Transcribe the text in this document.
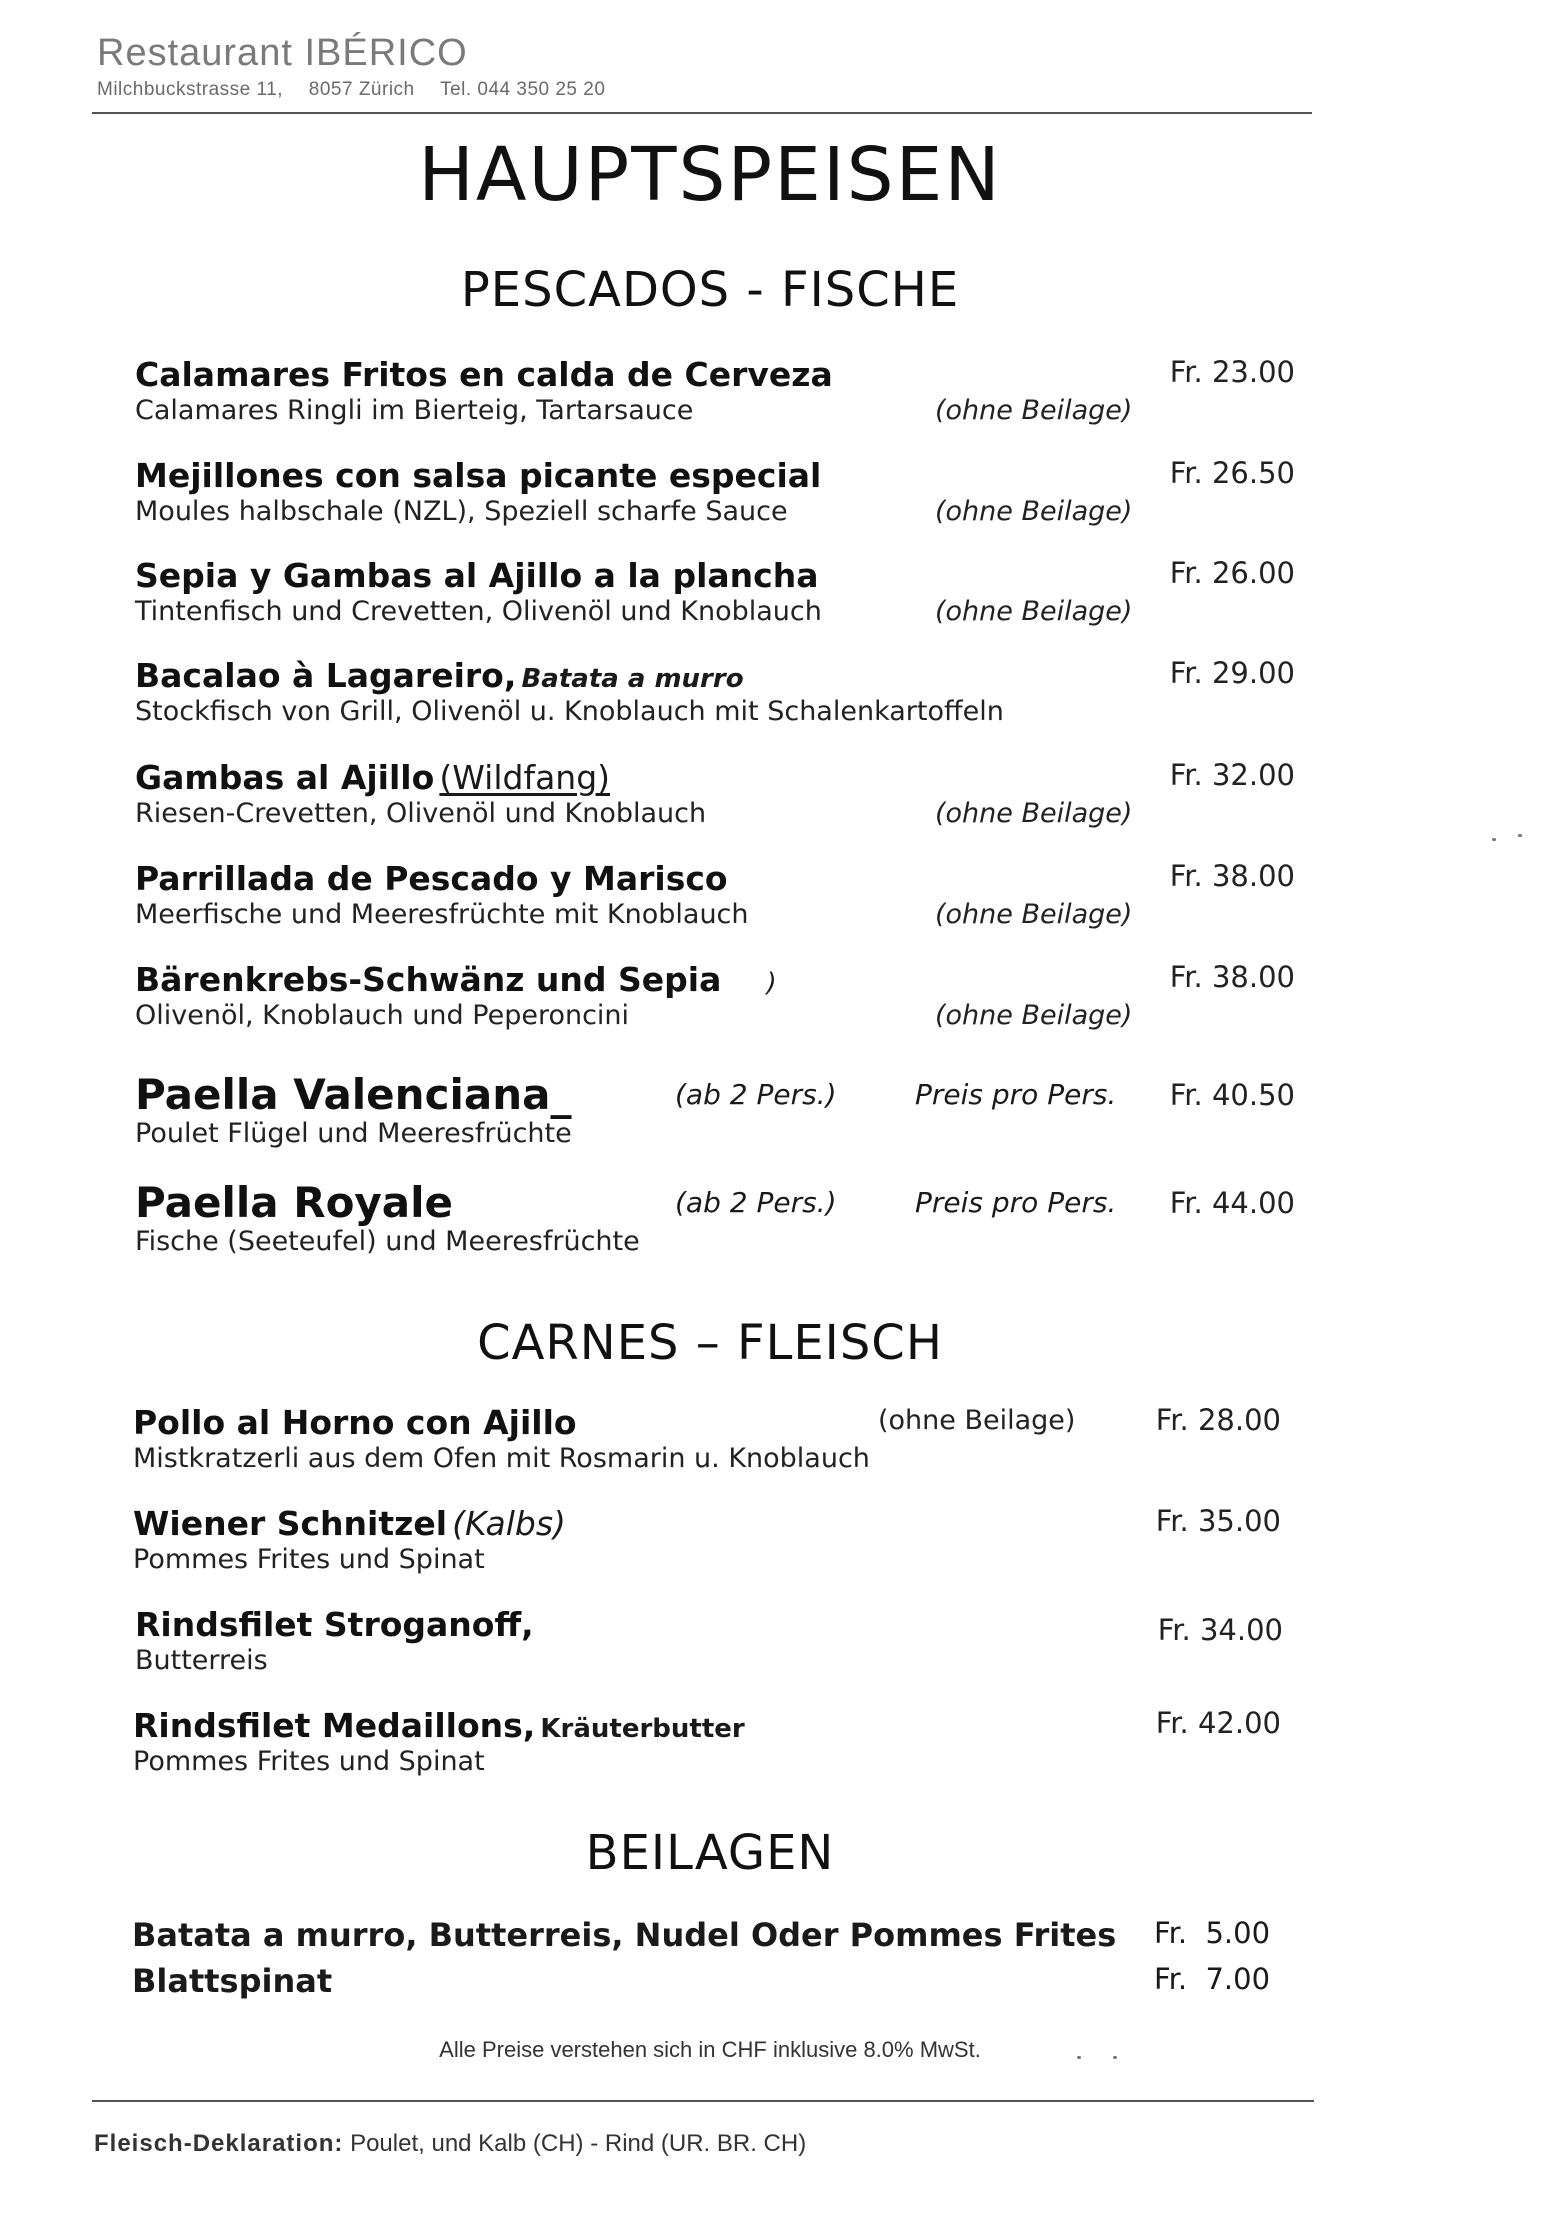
Restaurant IBÉRICO
Milchbuckstrasse 11, 8057 Zürich Tel. 044 350 25 20
HAUPTSPEISEN
PESCADOS - FISCHE
Calamares Fritos en calda de Cerveza
Calamares Ringli im Bierteig, Tartarsauce	(ohne Beilage)
Fr. 23.00
Mejillones con salsa picante especial
Moules halbschale (NZL), Speziell scharfe Sauce	(ohne Beilage)
Fr. 26.50
Sepia y Gambas al Ajillo a la plancha
Tintenfisch und Crevetten, Olivenöl und Knoblauch	(ohne Beilage)
Fr. 26.00
Bacalao à Lagareiro, Batata a murro
Stockfisch von Grill, Olivenöl u. Knoblauch mit Schalenkartoffeln
Fr. 29.00
Gambas al Ajillo (Wildfang)
Riesen-Crevetten, Olivenöl und Knoblauch	(ohne Beilage)
Fr. 32.00
Parrillada de Pescado y Marisco
Meerfische und Meeresfrüchte mit Knoblauch	(ohne Beilage)
Fr. 38.00
Bärenkrebs-Schwänz und Sepia )
Olivenöl, Knoblauch und Peperoncini	(ohne Beilage)
Fr. 38.00
Paella Valenciana_	(ab 2 Pers.)	Preis pro Pers. Fr. 40.50
Poulet Flügel und Meeresfrüchte
Paella Royale	(ab 2 Pers.)	Preis pro Pers. Fr. 44.00
Fische (Seeteufel) und Meeresfrüchte
CARNES – FLEISCH
Pollo al Horno con Ajillo	(ohne Beilage)
Mistkratzerli aus dem Ofen mit Rosmarin u. Knoblauch
Fr. 28.00
Wiener Schnitzel (Kalbs)
Pommes Frites und Spinat
Fr. 35.00
Rindsfilet Stroganoff,
Butterreis
Fr. 34.00
Rindsfilet Medaillons, Kräuterbutter
Pommes Frites und Spinat
Fr. 42.00
BEILAGEN
Batata a murro, Butterreis, Nudel Oder Pommes Frites Fr.  5.00
Blattspinat	Fr.  7.00
Alle Preise verstehen sich in CHF inklusive 8.0% MwSt.
Fleisch-Deklaration: Poulet, und Kalb (CH) - Rind (UR. BR. CH)
